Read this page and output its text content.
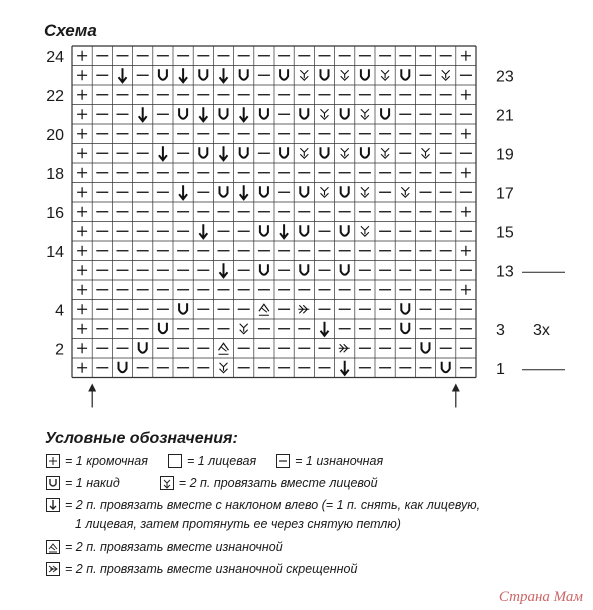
Схема
24
22
20
18
16
14
4
2
23
21
19
17
15
13
3
1
3х
Условные обозначения:
= 1 кромочная	= 1 лицевая	= 1 изнаночная
= 1 накид	= 2 п. провязать вместе лицевой
= 2 п. провязать вместе с наклоном влево (= 1 п. снять, как лицевую,
1 лицевая, затем протянуть ее через снятую петлю)
= 2 п. провязать вместе изнаночной
= 2 п. провязать вместе изнаночной скрещенной
Страна Мам
